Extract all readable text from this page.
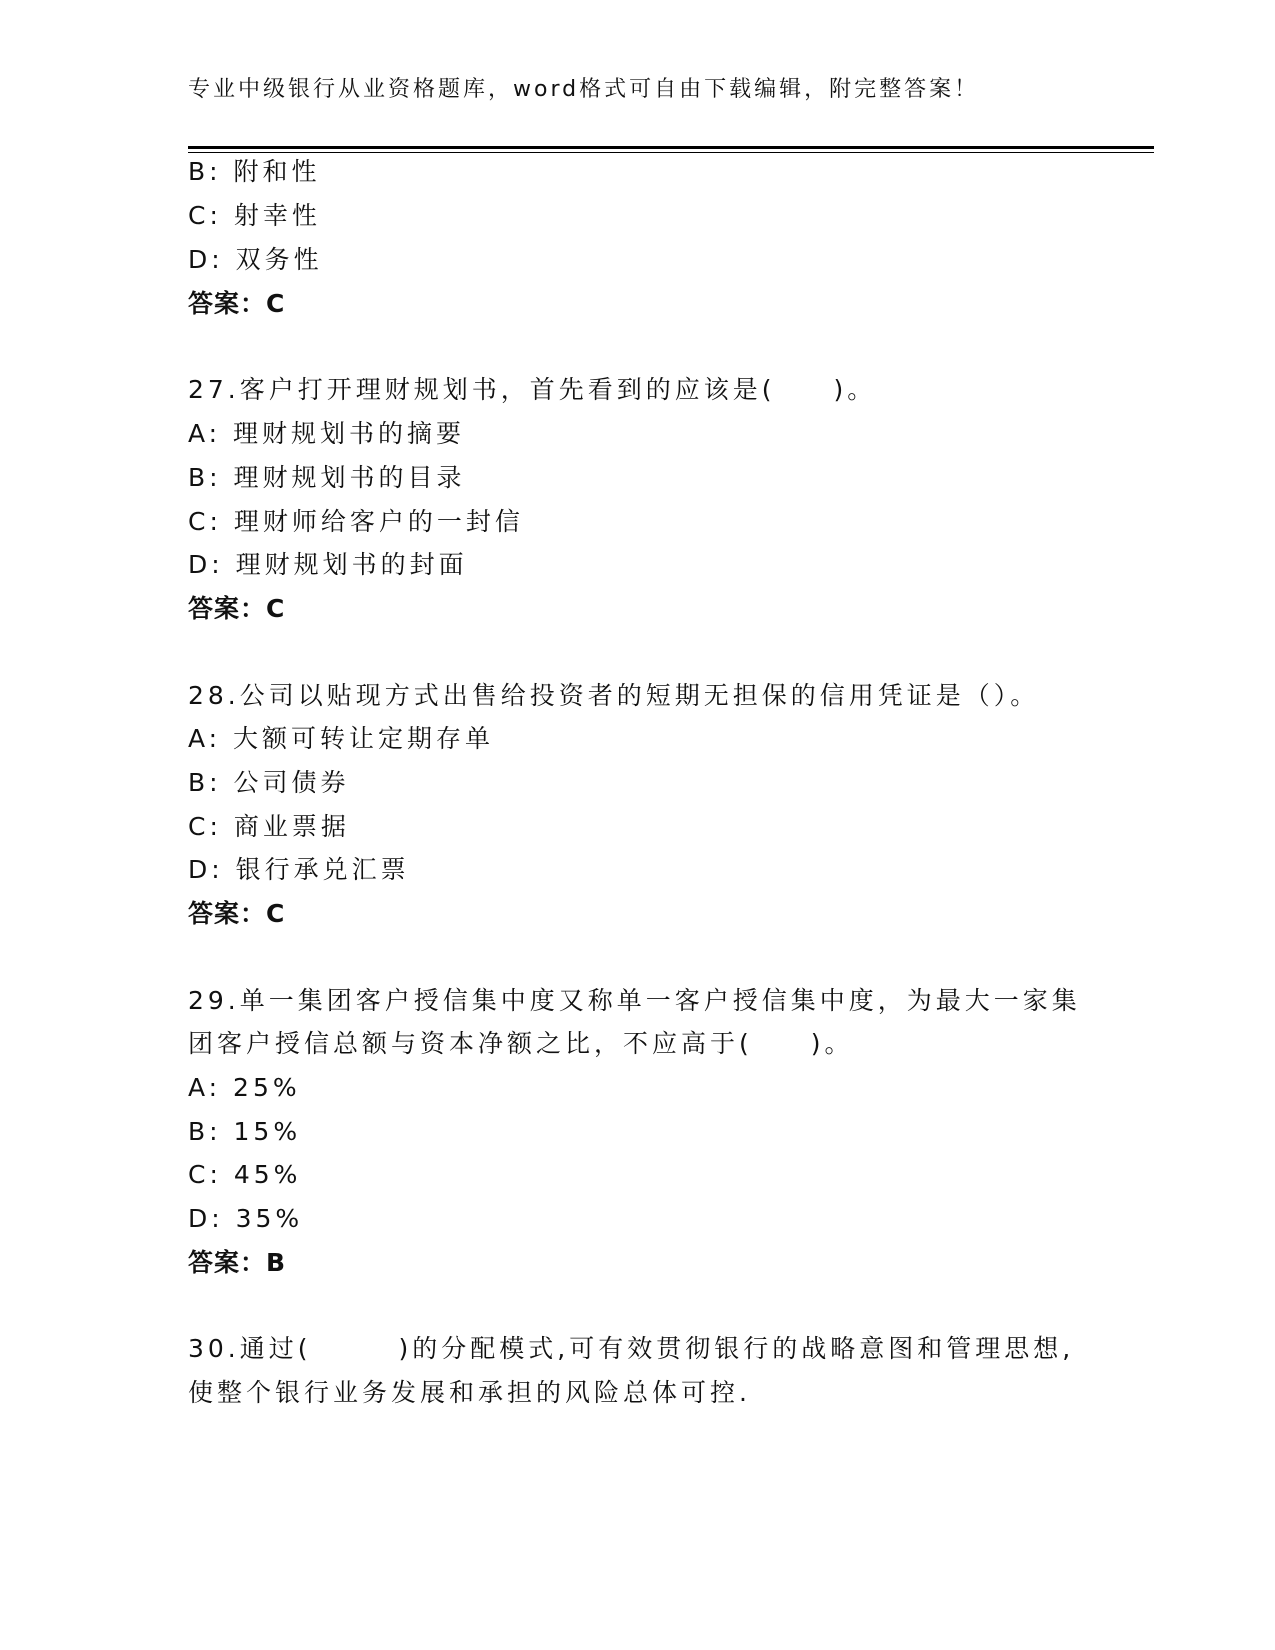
专业中级银行从业资格题库，word格式可自由下载编辑，附完整答案！
B: 附和性
C: 射幸性
D: 双务性
答案：C
27.客户打开理财规划书，首先看到的应该是(　　)。
A: 理财规划书的摘要
B: 理财规划书的目录
C: 理财师给客户的一封信
D: 理财规划书的封面
答案：C
28.公司以贴现方式出售给投资者的短期无担保的信用凭证是（）。
A: 大额可转让定期存单
B: 公司债券
C: 商业票据
D: 银行承兑汇票
答案：C
29.单一集团客户授信集中度又称单一客户授信集中度，为最大一家集
团客户授信总额与资本净额之比，不应高于(　　)。
A: 25%
B: 15%
C: 45%
D: 35%
答案：B
30.通过(　　　)的分配模式,可有效贯彻银行的战略意图和管理思想,
使整个银行业务发展和承担的风险总体可控.
